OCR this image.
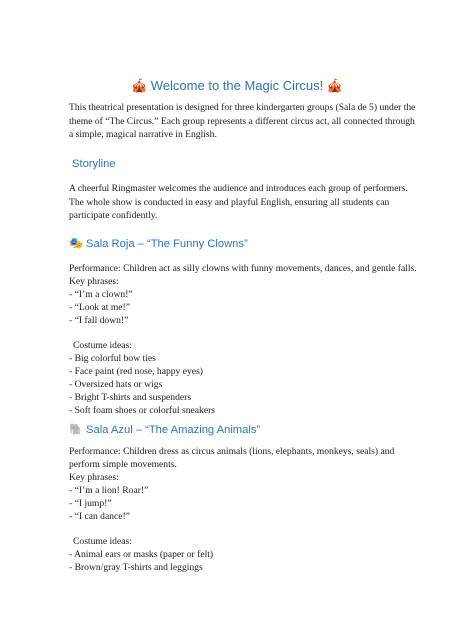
🎪 Welcome to the Magic Circus! 🎪

This theatrical presentation is designed for three kindergarten groups (Sala de 5) under the theme of “The Circus.” Each group represents a different circus act, all connected through a simple, magical narrative in English.

Storyline

A cheerful Ringmaster welcomes the audience and introduces each group of performers. The whole show is conducted in easy and playful English, ensuring all students can participate confidently.

🎭 Sala Roja – “The Funny Clowns”
Performance: Children act as silly clowns with funny movements, dances, and gentle falls.
Key phrases:
- “I’m a clown!”
- “Look at me!”
- “I fall down!”

Costume ideas:
- Big colorful bow ties
- Face paint (red nose, happy eyes)
- Oversized hats or wigs
- Bright T-shirts and suspenders
- Soft foam shoes or colorful sneakers
🐘 Sala Azul – “The Amazing Animals”
Performance: Children dress as circus animals (lions, elephants, monkeys, seals) and
perform simple movements.
Key phrases:
- “I’m a lion! Roar!”
- “I jump!”
- “I can dance!”

Costume ideas:
- Animal ears or masks (paper or felt)
- Brown/gray T-shirts and leggings
